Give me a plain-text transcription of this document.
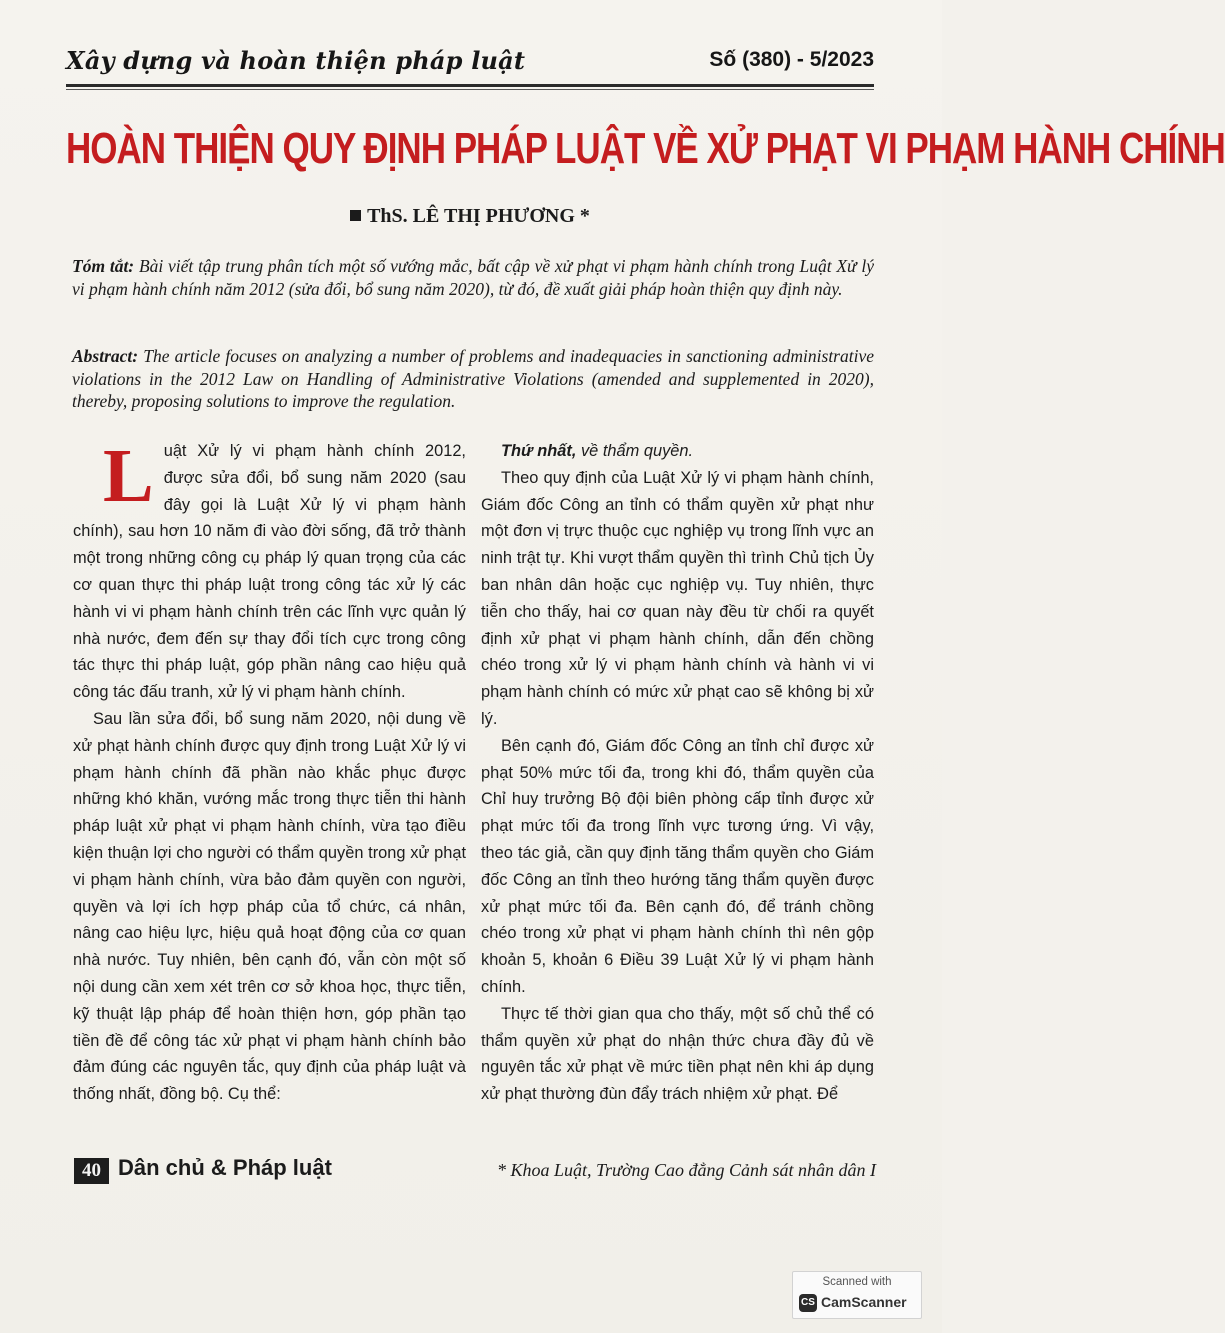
Xây dựng và hoàn thiện pháp luật	Số (380) - 5/2023
HOÀN THIỆN QUY ĐỊNH PHÁP LUẬT VỀ XỬ PHẠT VI PHẠM HÀNH CHÍNH
ThS. LÊ THỊ PHƯƠNG *
Tóm tắt: Bài viết tập trung phân tích một số vướng mắc, bất cập về xử phạt vi phạm hành chính trong Luật Xử lý vi phạm hành chính năm 2012 (sửa đổi, bổ sung năm 2020), từ đó, đề xuất giải pháp hoàn thiện quy định này.
Abstract: The article focuses on analyzing a number of problems and inadequacies in sanctioning administrative violations in the 2012 Law on Handling of Administrative Violations (amended and supplemented in 2020), thereby, proposing solutions to improve the regulation.

Luật Xử lý vi phạm hành chính 2012, được sửa đổi, bổ sung năm 2020 (sau đây gọi là Luật Xử lý vi phạm hành chính), sau hơn 10 năm đi vào đời sống, đã trở thành một trong những công cụ pháp lý quan trọng của các cơ quan thực thi pháp luật trong công tác xử lý các hành vi vi phạm hành chính trên các lĩnh vực quản lý nhà nước, đem đến sự thay đổi tích cực trong công tác thực thi pháp luật, góp phần nâng cao hiệu quả công tác đấu tranh, xử lý vi phạm hành chính.

Sau lần sửa đổi, bổ sung năm 2020, nội dung về xử phạt hành chính được quy định trong Luật Xử lý vi phạm hành chính đã phần nào khắc phục được những khó khăn, vướng mắc trong thực tiễn thi hành pháp luật xử phạt vi phạm hành chính, vừa tạo điều kiện thuận lợi cho người có thẩm quyền trong xử phạt vi phạm hành chính, vừa bảo đảm quyền con người, quyền và lợi ích hợp pháp của tổ chức, cá nhân, nâng cao hiệu lực, hiệu quả hoạt động của cơ quan nhà nước. Tuy nhiên, bên cạnh đó, vẫn còn một số nội dung cần xem xét trên cơ sở khoa học, thực tiễn, kỹ thuật lập pháp để hoàn thiện hơn, góp phần tạo tiền đề để công tác xử phạt vi phạm hành chính bảo đảm đúng các nguyên tắc, quy định của pháp luật và thống nhất, đồng bộ. Cụ thể:

Thứ nhất, về thẩm quyền.

Theo quy định của Luật Xử lý vi phạm hành chính, Giám đốc Công an tỉnh có thẩm quyền xử phạt như một đơn vị trực thuộc cục nghiệp vụ trong lĩnh vực an ninh trật tự. Khi vượt thẩm quyền thì trình Chủ tịch Ủy ban nhân dân hoặc cục nghiệp vụ. Tuy nhiên, thực tiễn cho thấy, hai cơ quan này đều từ chối ra quyết định xử phạt vi phạm hành chính, dẫn đến chồng chéo trong xử lý vi phạm hành chính và hành vi vi phạm hành chính có mức xử phạt cao sẽ không bị xử lý.

Bên cạnh đó, Giám đốc Công an tỉnh chỉ được xử phạt 50% mức tối đa, trong khi đó, thẩm quyền của Chỉ huy trưởng Bộ đội biên phòng cấp tỉnh được xử phạt mức tối đa trong lĩnh vực tương ứng. Vì vậy, theo tác giả, cần quy định tăng thẩm quyền cho Giám đốc Công an tỉnh theo hướng tăng thẩm quyền được xử phạt mức tối đa. Bên cạnh đó, để tránh chồng chéo trong xử phạt vi phạm hành chính thì nên gộp khoản 5, khoản 6 Điều 39 Luật Xử lý vi phạm hành chính.

Thực tế thời gian qua cho thấy, một số chủ thể có thẩm quyền xử phạt do nhận thức chưa đầy đủ về nguyên tắc xử phạt về mức tiền phạt nên khi áp dụng xử phạt thường đùn đẩy trách nhiệm xử phạt. Để

40 Dân chủ & Pháp luật	* Khoa Luật, Trường Cao đẳng Cảnh sát nhân dân I
Scanned with
CS CamScanner
